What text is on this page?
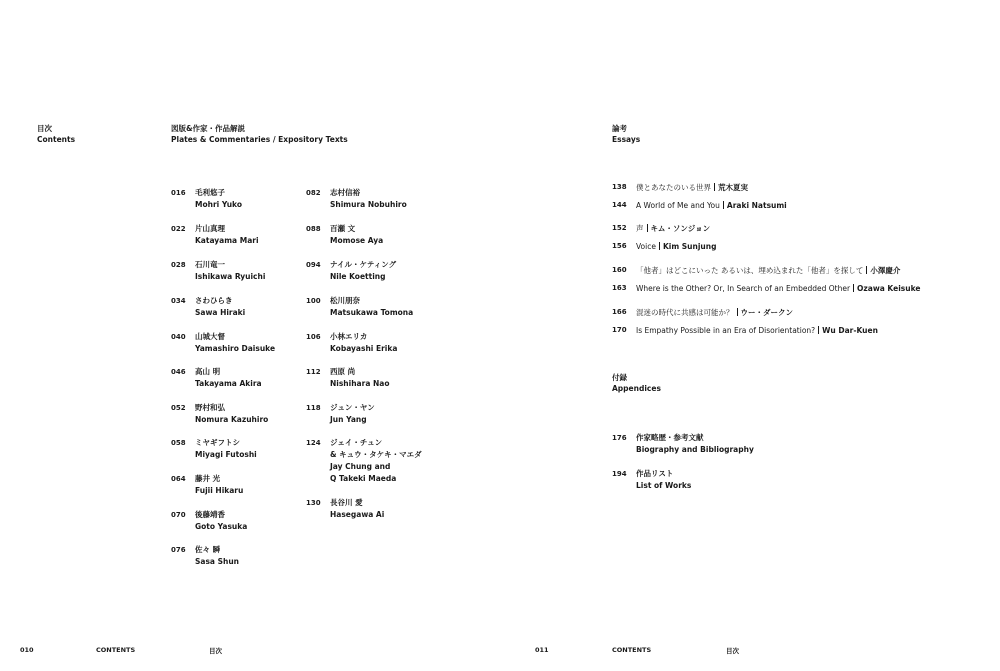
目次
Contents
図版&作家・作品解説
Plates & Commentaries / Expository Texts
016 毛利悠子
Mohri Yuko
022 片山真理
Katayama Mari
028 石川竜一
Ishikawa Ryuichi
034 さわひらき
Sawa Hiraki
040 山城大督
Yamashiro Daisuke
046 高山 明
Takayama Akira
052 野村和弘
Nomura Kazuhiro
058 ミヤギフトシ
Miyagi Futoshi
064 藤井 光
Fujii Hikaru
070 後藤靖香
Goto Yasuka
076 佐々 瞬
Sasa Shun
082 志村信裕
Shimura Nobuhiro
088 百瀬 文
Momose Aya
094 ナイル・ケティング
Nile Koetting
100 松川朋奈
Matsukawa Tomona
106 小林エリカ
Kobayashi Erika
112 西原 尚
Nishihara Nao
118 ジュン・ヤン
Jun Yang
124 ジェイ・チュン
& キュウ・タケキ・マエダ
Jay Chung and
Q Takeki Maeda
130 長谷川 愛
Hasegawa Ai
論考
Essays
138 僕とあなたのいる世界 荒木夏実
144 A World of Me and You Araki Natsumi
152 声 キム・ソンジョン
156 Voice Kim Sunjung
160 「他者」はどこにいった あるいは、埋め込まれた「他者」を探して 小澤慶介
163 Where is the Other? Or, In Search of an Embedded Other Ozawa Keisuke
166 混迷の時代に共感は可能か？ ウー・ダークン
170 Is Empathy Possible in an Era of Disorientation? Wu Dar-Kuen
付録
Appendices
176 作家略歴・参考文献
Biography and Bibliography
194 作品リスト
List of Works
010	CONTENTS	目次	011	CONTENTS	目次
